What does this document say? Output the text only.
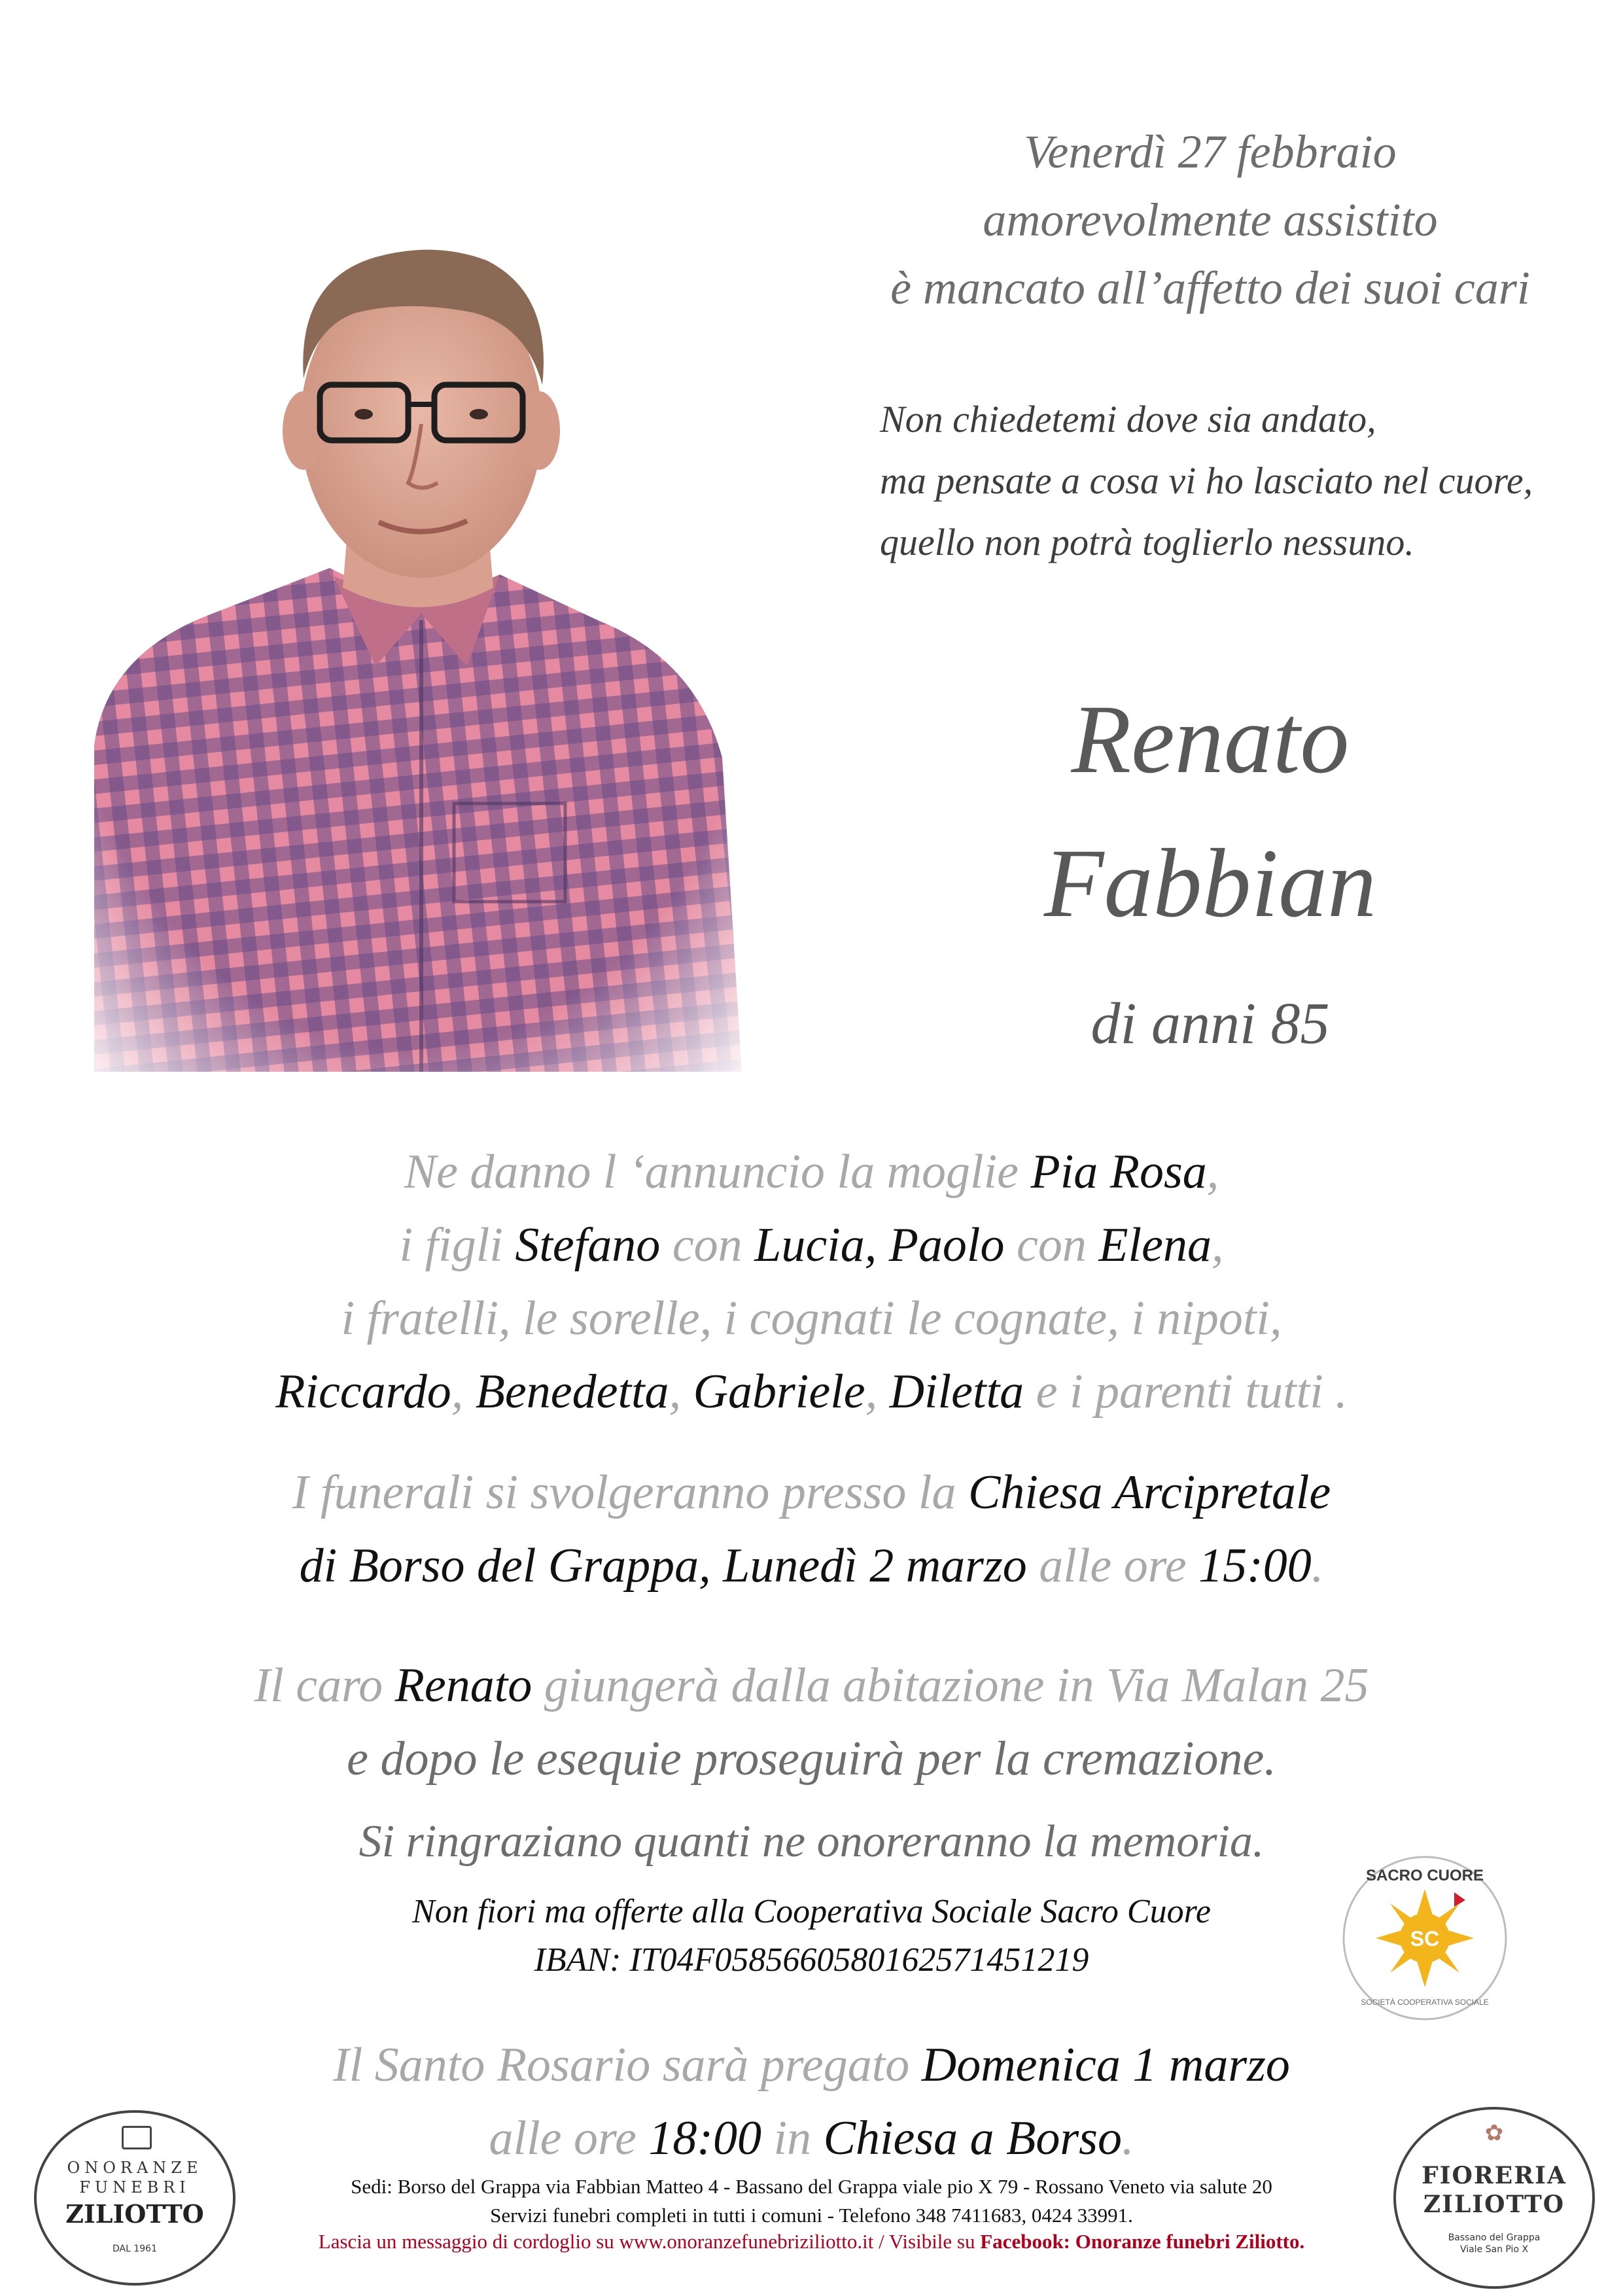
Venerdì 27 febbraio
amorevolmente assistito
è mancato all’affetto dei suoi cari
Non chiedetemi dove sia andato,
ma pensate a cosa vi ho lasciato nel cuore,
quello non potrà toglierlo nessuno.
Renato
Fabbian
di anni 85
Ne danno l ‘annuncio la moglie Pia Rosa,
i figli Stefano con Lucia, Paolo con Elena,
i fratelli, le sorelle, i cognati le cognate, i nipoti,
Riccardo, Benedetta, Gabriele, Diletta e i parenti tutti .
I funerali si svolgeranno presso la Chiesa Arcipretale
di Borso del Grappa, Lunedì 2 marzo alle ore 15:00.
Il caro Renato giungerà dalla abitazione in Via Malan 25
e dopo le esequie proseguirà per la cremazione.
Si ringraziano quanti ne onoreranno la memoria.
Non fiori ma offerte alla Cooperativa Sociale Sacro Cuore
IBAN: IT04F0585660580162571451219
SC
SACRO CUORE
SOCIETÀ COOPERATIVA SOCIALE
Il Santo Rosario sarà pregato Domenica 1 marzo
alle ore 18:00 in Chiesa a Borso.
ONORANZE
FUNEBRI
ZILIOTTO
DAL 1961
✿
FIORERIA
ZILIOTTO
Bassano del Grappa
Viale San Pio X
Sedi: Borso del Grappa via Fabbian Matteo 4 - Bassano del Grappa viale pio X 79 - Rossano Veneto via salute 20
Servizi funebri completi in tutti i comuni - Telefono 348 7411683, 0424 33991.
Lascia un messaggio di cordoglio su www.onoranzefunebriziliotto.it / Visibile su Facebook: Onoranze funebri Ziliotto.
